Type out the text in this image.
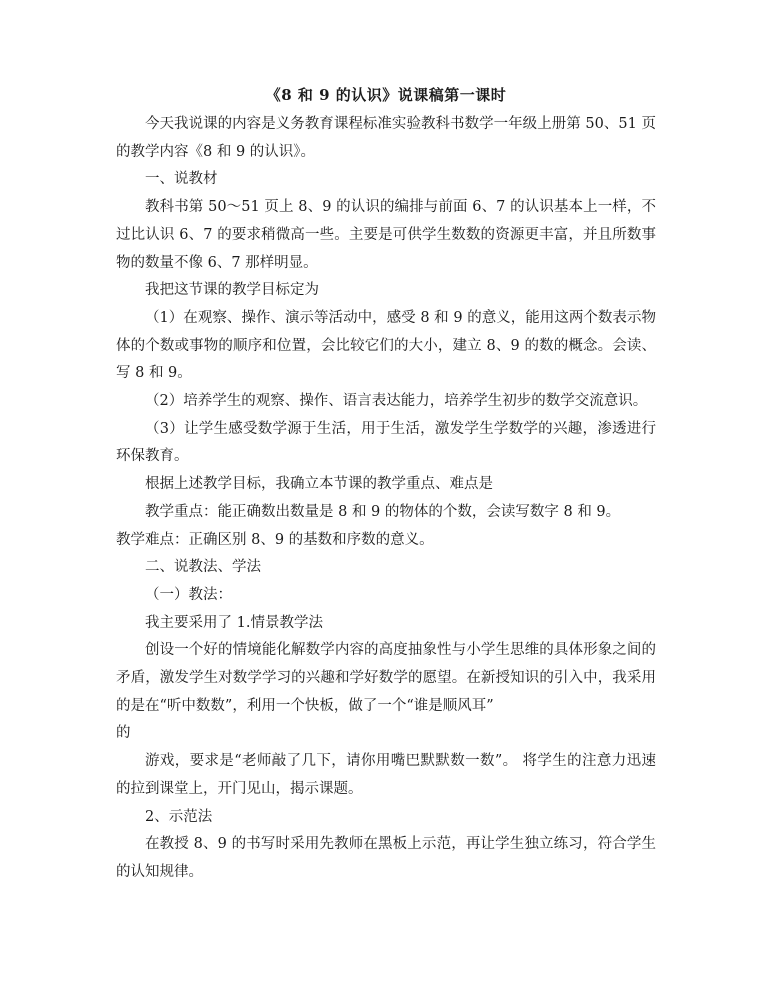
《8 和 9 的认识》说课稿第一课时

今天我说课的内容是义务教育课程标准实验教科书数学一年级上册第 50、51 页的教学内容《8 和 9 的认识》。

一、说教材

教科书第 50～51 页上 8、9 的认识的编排与前面 6、7 的认识基本上一样，不过比认识 6、7 的要求稍微高一些。主要是可供学生数数的资源更丰富，并且所数事物的数量不像 6、7 那样明显。

我把这节课的教学目标定为

（1）在观察、操作、演示等活动中，感受 8 和 9 的意义，能用这两个数表示物体的个数或事物的顺序和位置，会比较它们的大小，建立 8、9 的数的概念。会读、写 8 和 9。

（2）培养学生的观察、操作、语言表达能力，培养学生初步的数学交流意识。

（3）让学生感受数学源于生活，用于生活，激发学生学数学的兴趣，渗透进行环保教育。

根据上述教学目标，我确立本节课的教学重点、难点是

教学重点：能正确数出数量是 8 和 9 的物体的个数，会读写数字 8 和 9。

教学难点：正确区别 8、9 的基数和序数的意义。

二、说教法、学法

（一）教法：

我主要采用了 1.情景教学法

创设一个好的情境能化解数学内容的高度抽象性与小学生思维的具体形象之间的矛盾，激发学生对数学学习的兴趣和学好数学的愿望。在新授知识的引入中，我采用的是在“听中数数”，利用一个快板，做了一个“谁是顺风耳”

的

游戏，要求是“老师敲了几下，请你用嘴巴默默数一数”。 将学生的注意力迅速的拉到课堂上，开门见山，揭示课题。

2、示范法

在教授 8、9 的书写时采用先教师在黑板上示范，再让学生独立练习，符合学生的认知规律。
